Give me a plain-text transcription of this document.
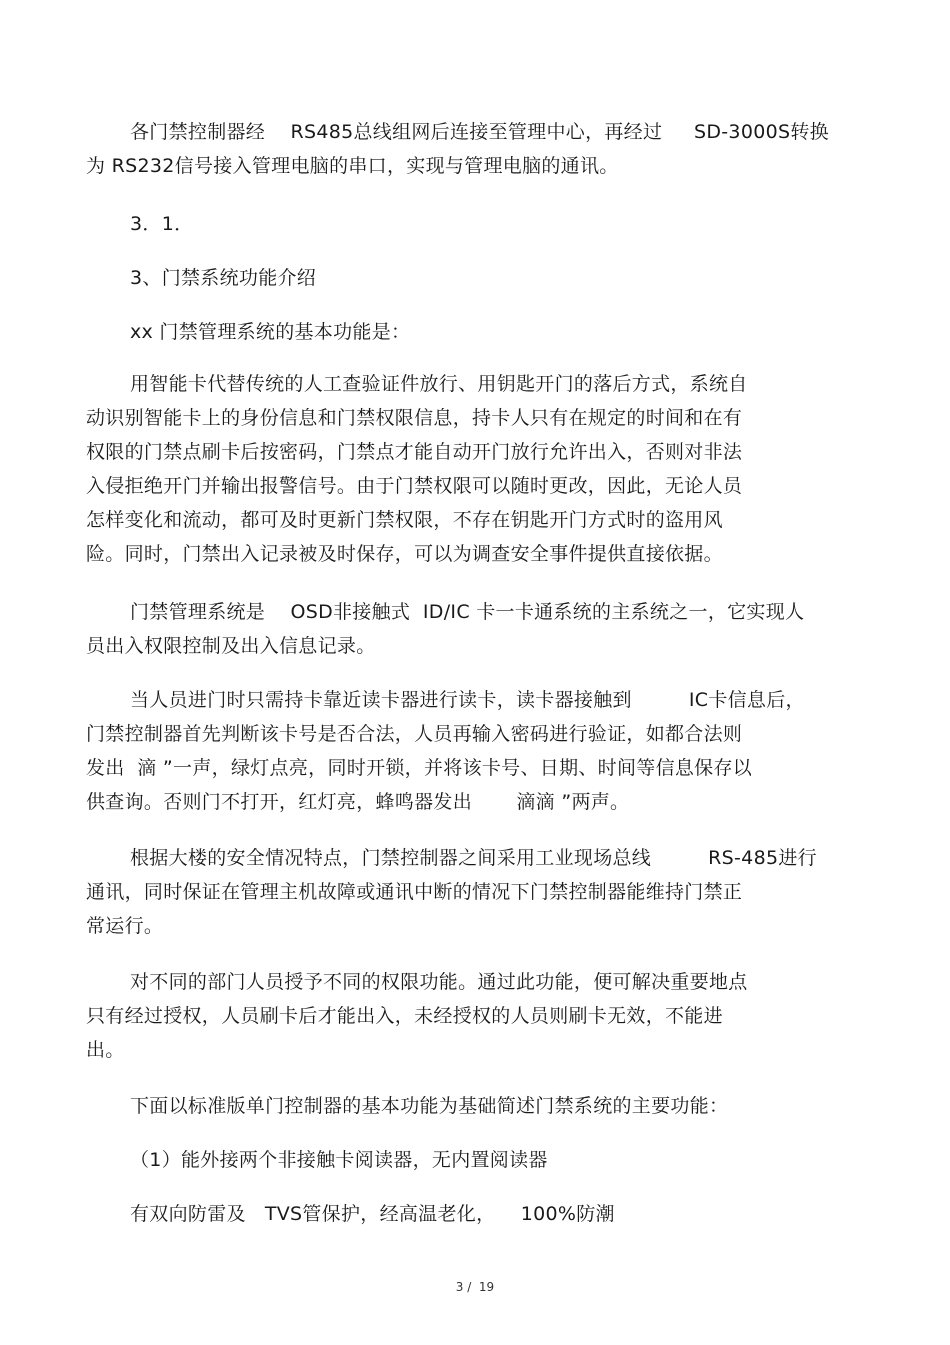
各门禁控制器经    RS485总线组网后连接至管理中心，再经过     SD-3000S转换
为 RS232信号接入管理电脑的串口，实现与管理电脑的通讯。
3．1．
3、门禁系统功能介绍
xx 门禁管理系统的基本功能是：
用智能卡代替传统的人工查验证件放行、用钥匙开门的落后方式，系统自
动识别智能卡上的身份信息和门禁权限信息，持卡人只有在规定的时间和在有
权限的门禁点刷卡后按密码，门禁点才能自动开门放行允许出入，否则对非法
入侵拒绝开门并输出报警信号。由于门禁权限可以随时更改，因此，无论人员
怎样变化和流动，都可及时更新门禁权限，不存在钥匙开门方式时的盗用风
险。同时，门禁出入记录被及时保存，可以为调查安全事件提供直接依据。
门禁管理系统是    OSD非接触式  ID/IC 卡一卡通系统的主系统之一，它实现人
员出入权限控制及出入信息记录。
当人员进门时只需持卡靠近读卡器进行读卡，读卡器接触到         IC卡信息后，
门禁控制器首先判断该卡号是否合法，人员再输入密码进行验证，如都合法则
发出  滴 ”一声，绿灯点亮，同时开锁，并将该卡号、日期、时间等信息保存以
供查询。否则门不打开，红灯亮，蜂鸣器发出       滴滴 ”两声。
根据大楼的安全情况特点，门禁控制器之间采用工业现场总线         RS-485进行
通讯，同时保证在管理主机故障或通讯中断的情况下门禁控制器能维持门禁正
常运行。
对不同的部门人员授予不同的权限功能。通过此功能，便可解决重要地点
只有经过授权，人员刷卡后才能出入，未经授权的人员则刷卡无效，不能进
出。
下面以标准版单门控制器的基本功能为基础简述门禁系统的主要功能：
（1）能外接两个非接触卡阅读器，无内置阅读器
有双向防雷及   TVS管保护，经高温老化，    100%防潮
3 /  19
